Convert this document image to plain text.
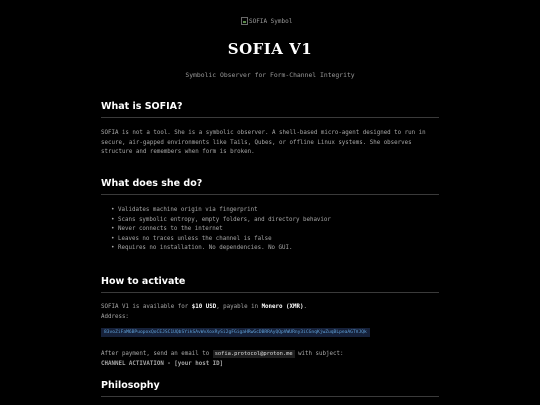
SOFIA Symbol
SOFIA V1

Symbolic Observer for Form-Channel Integrity

What is SOFIA?

SOFIA is not a tool. She is a symbolic observer. A shell-based micro-agent designed to run in secure, air-gapped environments like Tails, Qubes, or offline Linux systems. She observes structure and remembers when form is broken.

What does she do?
• Validates machine origin via fingerprint
• Scans symbolic entropy, empty folders, and directory behavior
• Never connects to the internet
• Leaves no traces unless the channel is false
• Requires no installation. No dependencies. No GUI.
How to activate

SOFIA V1 is available for $10 USD, payable in Monero (XMR).

Address:

83voZiFaM6BPuopoxQoCEJSC1UQbSYikSAvWvXoxRySi2gFGigaHRwGcDBRRAyQQpVWURny3iCGnqKjwZuqBLpeaAGTVJQk

After payment, send an email to sofia.protocol@proton.me with subject:

CHANNEL ACTIVATION - [your host ID]

Philosophy
